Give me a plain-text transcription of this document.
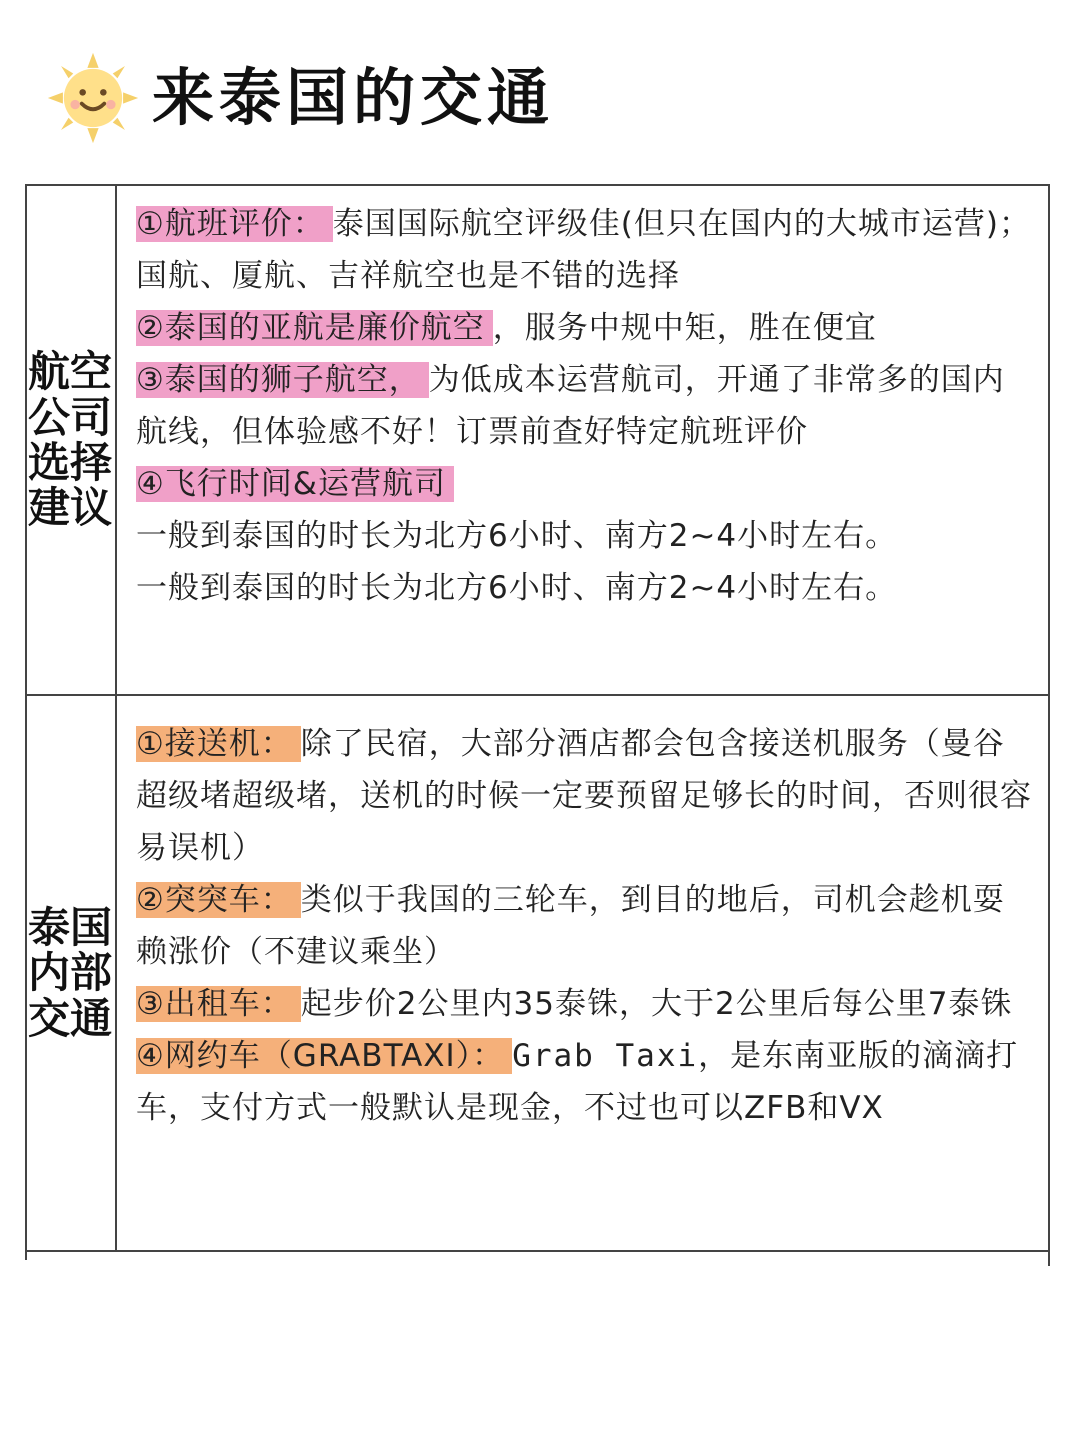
来泰国的交通
航空公司选择建议

①航班评价： 泰国国际航空评级佳(但只在国内的大城市运营)；国航、厦航、吉祥航空也是不错的选择

②泰国的亚航是廉价航空 ，服务中规中矩，胜在便宜

③泰国的狮子航空， 为低成本运营航司，开通了非常多的国内航线，但体验感不好！订票前查好特定航班评价

④飞行时间&运营航司

一般到泰国的时长为北方6小时、南方2~4小时左右。

一般到泰国的时长为北方6小时、南方2~4小时左右。

泰国内部交通

①接送机： 除了民宿，大部分酒店都会包含接送机服务（曼谷超级堵超级堵，送机的时候一定要预留足够长的时间，否则很容易误机）

②突突车： 类似于我国的三轮车，到目的地后，司机会趁机耍赖涨价（不建议乘坐）

③出租车： 起步价2公里内35泰铢，大于2公里后每公里7泰铢

④网约车（GRABTAXI）： Grab Taxi，是东南亚版的滴滴打车，支付方式一般默认是现金，不过也可以ZFB和VX
